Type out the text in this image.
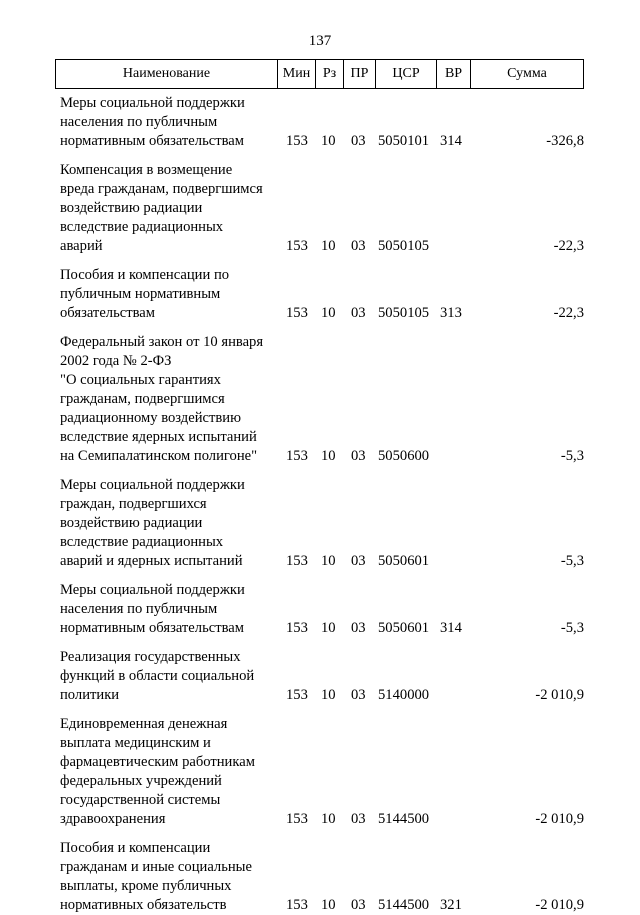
137
Наименование	Мин Рз	ПР	ЦСР	ВР	Сумма
Меры социальной поддержки
населения по публичным
нормативным обязательствам	153 10 03 5050101 314	-326,8
Компенсация в возмещение
вреда гражданам, подвергшимся
воздействию радиации
вследствие радиационных
аварий	153 10 03 5050105	-22,3
Пособия и компенсации по
публичным нормативным
обязательствам	153 10 03 5050105 313	-22,3
Федеральный закон от 10 января
2002 года № 2-ФЗ
"О социальных гарантиях
гражданам, подвергшимся
радиационному воздействию
вследствие ядерных испытаний
на Семипалатинском полигоне"	153 10 03 5050600	-5,3
Меры социальной поддержки
граждан, подвергшихся
воздействию радиации
вследствие радиационных
аварий и ядерных испытаний	153 10 03 5050601	-5,3
Меры социальной поддержки
населения по публичным
нормативным обязательствам	153 10 03 5050601 314	-5,3
Реализация государственных
функций в области социальной
политики	153 10 03 5140000	-2 010,9
Единовременная денежная
выплата медицинским и
фармацевтическим работникам
федеральных учреждений
государственной системы
здравоохранения	153 10 03 5144500	-2 010,9
Пособия и компенсации
гражданам и иные социальные
выплаты, кроме публичных
нормативных обязательств	153 10 03 5144500 321	-2 010,9
